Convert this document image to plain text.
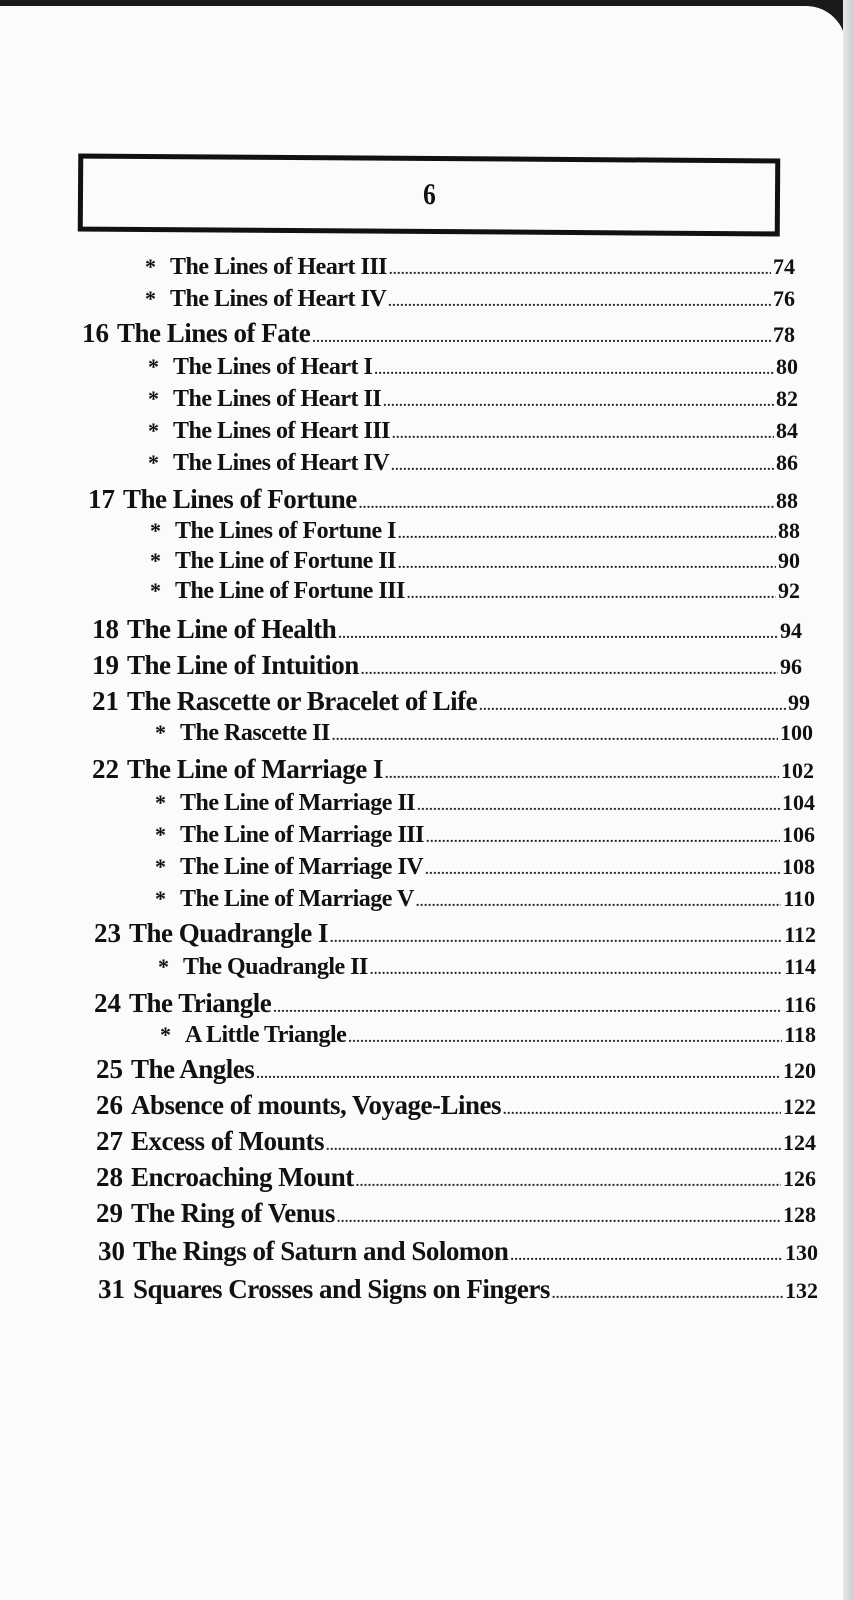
6
* The Lines of Heart III .....	74
* The Lines of Heart IV .....	76
16 The Lines of Fate .....	78
* The Lines of Heart I .....	80
* The Lines of Heart II .....	82
* The Lines of Heart III .....	84
* The Lines of Heart IV .....	86
17 The Lines of Fortune .....	88
* The Lines of Fortune I .....	88
* The Line of Fortune II .....	90
* The Line of Fortune III .....	92
18 The Line of Health .....	94
19 The Line of Intuition .....	96
21 The Rascette or Bracelet of Life .....	99
* The Rascette II .....	100
22 The Line of Marriage I .....	102
* The Line of Marriage II .....	104
* The Line of Marriage III .....	106
* The Line of Marriage IV .....	108
* The Line of Marriage V .....	110
23 The Quadrangle I .....	112
* The Quadrangle II .....	114
24 The Triangle .....	116
* A Little Triangle .....	118
25 The Angles .....	120
26 Absence of mounts, Voyage-Lines .....	122
27 Excess of Mounts .....	124
28 Encroaching Mount .....	126
29 The Ring of Venus .....	128
30 The Rings of Saturn and Solomon .....	130
31 Squares Crosses and Signs on Fingers .....	132
